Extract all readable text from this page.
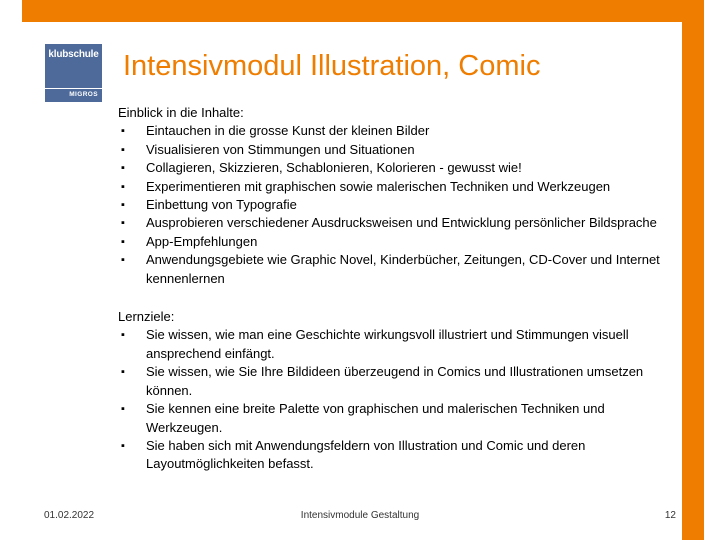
klubschule
MIGROS
Intensivmodul Illustration, Comic
Einblick in die Inhalte:
▪ Eintauchen in die grosse Kunst der kleinen Bilder
▪ Visualisieren von Stimmungen und Situationen
▪ Collagieren, Skizzieren, Schablonieren, Kolorieren - gewusst wie!
▪ Experimentieren mit graphischen sowie malerischen Techniken und Werkzeugen
▪ Einbettung von Typografie
▪ Ausprobieren verschiedener Ausdrucksweisen und Entwicklung persönlicher Bildsprache
▪ App-Empfehlungen
▪ Anwendungsgebiete wie Graphic Novel, Kinderbücher, Zeitungen, CD-Cover und Internet kennenlernen
Lernziele:
▪ Sie wissen, wie man eine Geschichte wirkungsvoll illustriert und Stimmungen visuell ansprechend einfängt.
▪ Sie wissen, wie Sie Ihre Bildideen überzeugend in Comics und Illustrationen umsetzen können.
▪ Sie kennen eine breite Palette von graphischen und malerischen Techniken und Werkzeugen.
▪ Sie haben sich mit Anwendungsfeldern von Illustration und Comic und deren Layoutmöglichkeiten befasst.
01.02.2022	Intensivmodule Gestaltung	12
